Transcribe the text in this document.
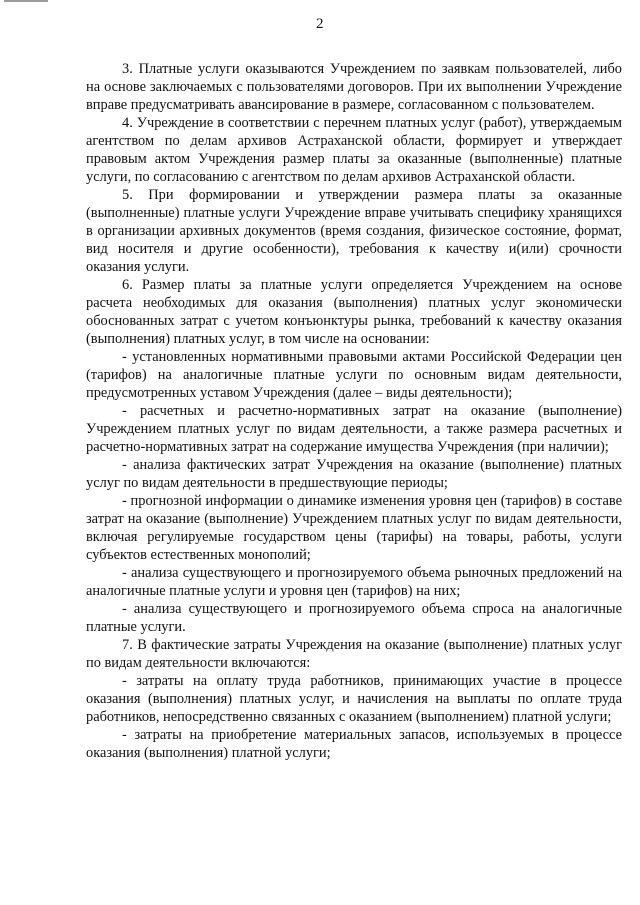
2

3. Платные услуги оказываются Учреждением по заявкам пользователей, либо на основе заключаемых с пользователями договоров. При их выполнении Учреждение вправе предусматривать авансирование в размере, согласованном с пользователем.

4. Учреждение в соответствии с перечнем платных услуг (работ), утверждаемым агентством по делам архивов Астраханской области, формирует и утверждает правовым актом Учреждения размер платы за оказанные (выполненные) платные услуги, по согласованию с агентством по делам архивов Астраханской области.

5. При формировании и утверждении размера платы за оказанные (выполненные) платные услуги Учреждение вправе учитывать специфику хранящихся в организации архивных документов (время создания, физическое состояние, формат, вид носителя и другие особенности), требования к качеству и(или) срочности оказания услуги.

6. Размер платы за платные услуги определяется Учреждением на основе расчета необходимых для оказания (выполнения) платных услуг экономически обоснованных затрат с учетом конъюнктуры рынка, требований к качеству оказания (выполнения) платных услуг, в том числе на основании:

- установленных нормативными правовыми актами Российской Федерации цен (тарифов) на аналогичные платные услуги по основным видам деятельности, предусмотренных уставом Учреждения (далее – виды деятельности);

- расчетных и расчетно-нормативных затрат на оказание (выполнение) Учреждением платных услуг по видам деятельности, а также размера расчетных и расчетно-нормативных затрат на содержание имущества Учреждения (при наличии);

- анализа фактических затрат Учреждения на оказание (выполнение) платных услуг по видам деятельности в предшествующие периоды;

- прогнозной информации о динамике изменения уровня цен (тарифов) в составе затрат на оказание (выполнение) Учреждением платных услуг по видам деятельности, включая регулируемые государством цены (тарифы) на товары, работы, услуги субъектов естественных монополий;

- анализа существующего и прогнозируемого объема рыночных предложений на аналогичные платные услуги и уровня цен (тарифов) на них;

- анализа существующего и прогнозируемого объема спроса на аналогичные платные услуги.

7. В фактические затраты Учреждения на оказание (выполнение) платных услуг по видам деятельности включаются:

- затраты на оплату труда работников, принимающих участие в процессе оказания (выполнения) платных услуг, и начисления на выплаты по оплате труда работников, непосредственно связанных с оказанием (выполнением) платной услуги;

- затраты на приобретение материальных запасов, используемых в процессе оказания (выполнения) платной услуги;
